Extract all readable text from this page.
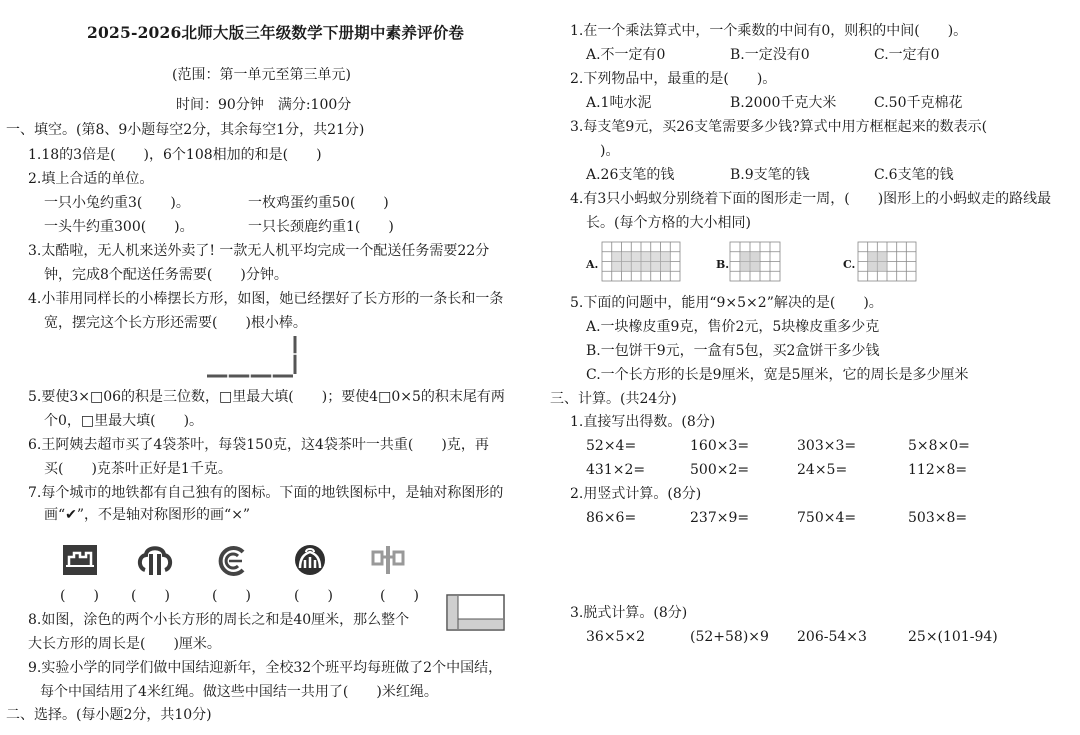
2025-2026北师大版三年级数学下册期中素养评价卷
(范围：第一单元至第三单元)
时间：90分钟　满分:100分
一、填空。(第8、9小题每空2分，其余每空1分，共21分)
1.18的3倍是(　　)，6个108相加的和是(　　)
2.填上合适的单位。
一只小兔约重3(　　)。	一枚鸡蛋约重50(　　)
一头牛约重300(　　)。	一只长颈鹿约重1(　　)
3.太酷啦，无人机来送外卖了! 一款无人机平均完成一个配送任务需要22分
钟，完成8个配送任务需要(　　)分钟。
4.小菲用同样长的小棒摆长方形，如图，她已经摆好了长方形的一条长和一条
宽，摆完这个长方形还需要(　　)根小棒。
5.要使3×□06的积是三位数，□里最大填(　　)；要使4□0×5的积末尾有两
个0，□里最大填(　　)。
6.王阿姨去超市买了4袋茶叶，每袋150克，这4袋茶叶一共重(　　)克，再
买(　　)克茶叶正好是1千克。
7.每个城市的地铁都有自己独有的图标。下面的地铁图标中，是轴对称图形的
画“✔”，不是轴对称图形的画“×”
(　　) (　　)	(　　)	(　　)	(　　)
8.如图，涂色的两个小长方形的周长之和是40厘米，那么整个
大长方形的周长是(　　)厘米。
9.实验小学的同学们做中国结迎新年，全校32个班平均每班做了2个中国结，
每个中国结用了4米红绳。做这些中国结一共用了(　　)米红绳。
二、选择。(每小题2分，共10分)
1.在一个乘法算式中，一个乘数的中间有0，则积的中间(　　)。
A.不一定有0	B.一定没有0	C.一定有0
2.下列物品中，最重的是(　　)。
A.1吨水泥	B.2000千克大米	C.50千克棉花
3.每支笔9元，买26支笔需要多少钱?算式中用方框框起来的数表示(
　)。
A.26支笔的钱	B.9支笔的钱	C.6支笔的钱
4.有3只小蚂蚁分别绕着下面的图形走一周，(　　)图形上的小蚂蚁走的路线最
长。(每个方格的大小相同)
A.	B.	C.
5.下面的问题中，能用“9×5×2”解决的是(　　)。
A.一块橡皮重9克，售价2元，5块橡皮重多少克
B.一包饼干9元，一盒有5包，买2盒饼干多少钱
C.一个长方形的长是9厘米，宽是5厘米，它的周长是多少厘米
三、计算。(共24分)
1.直接写出得数。(8分)
52×4=	160×3=	303×3=	5×8×0=
431×2=	500×2=	24×5=	112×8=
2.用竖式计算。(8分)
86×6=	237×9=	750×4=	503×8=
3.脱式计算。(8分)
36×5×2	(52+58)×9 206-54×3	25×(101-94)
